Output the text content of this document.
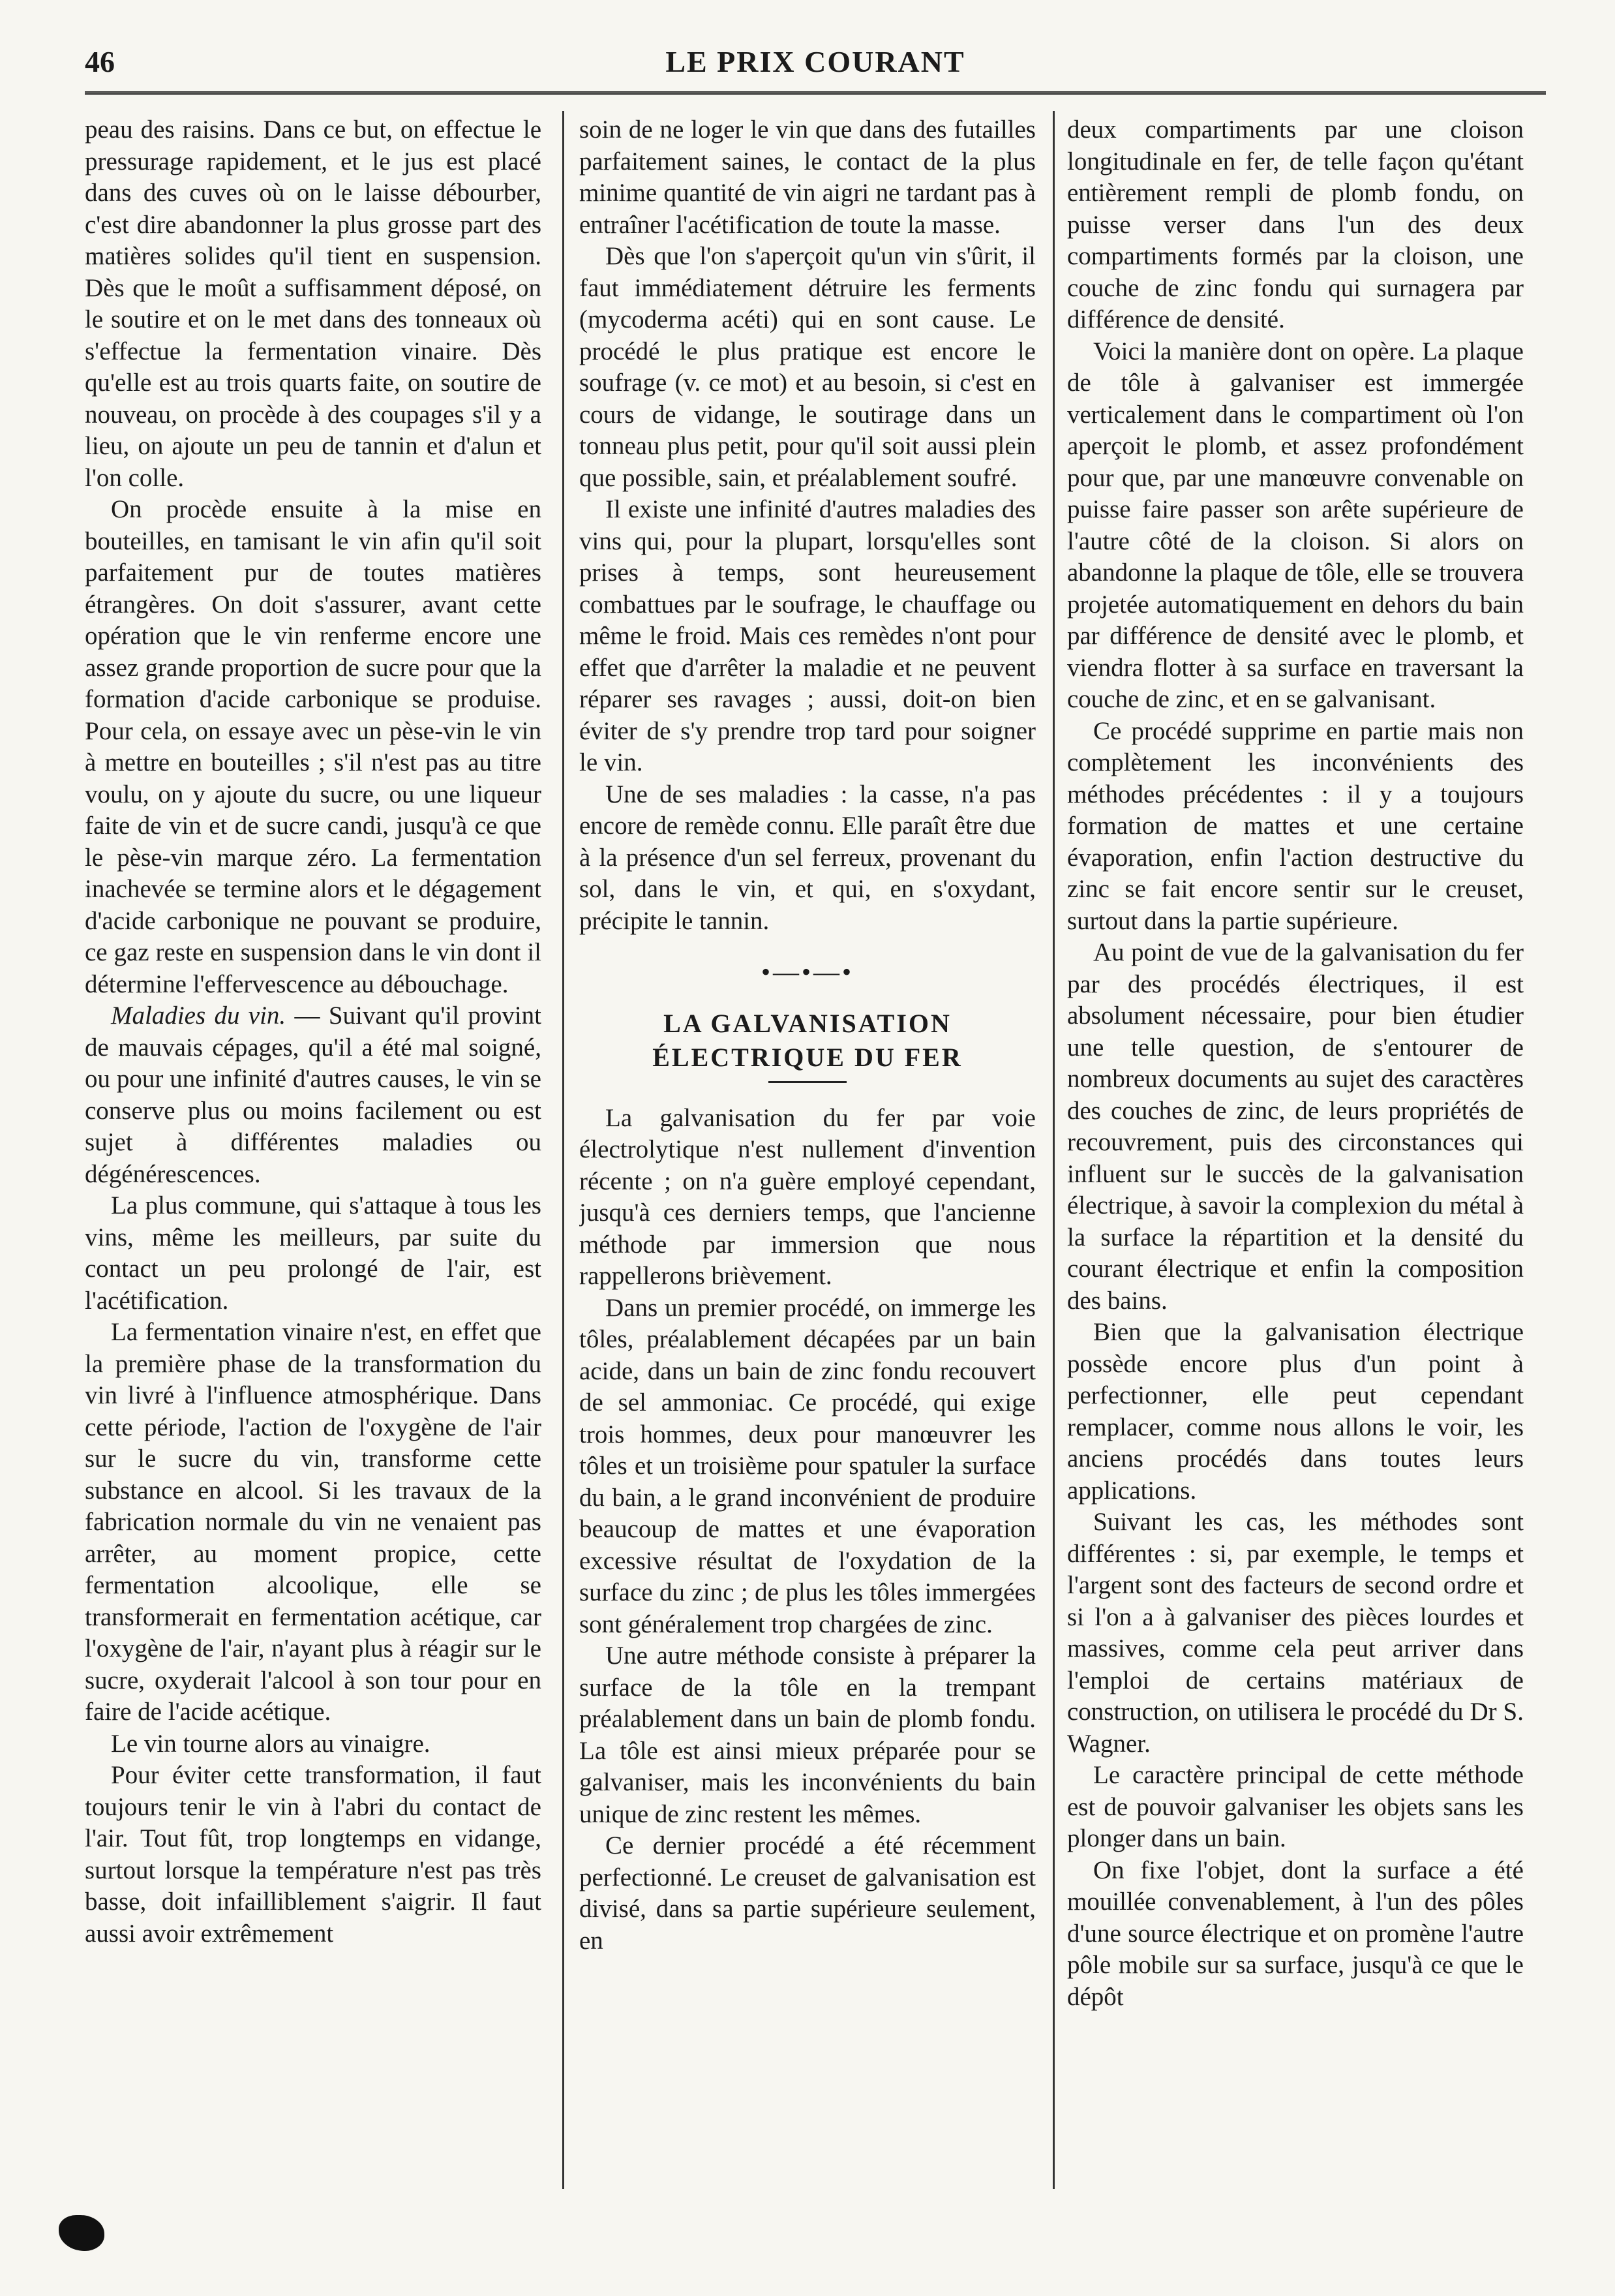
46	LE PRIX COURANT

peau des raisins. Dans ce but, on effectue le pressurage rapidement, et le jus est placé dans des cuves où on le laisse débourber, c'est dire abandonner la plus grosse part des matières solides qu'il tient en suspension. Dès que le moût a suffisamment déposé, on le soutire et on le met dans des tonneaux où s'effectue la fermentation vinaire. Dès qu'elle est au trois quarts faite, on soutire de nouveau, on procède à des coupages s'il y a lieu, on ajoute un peu de tannin et d'alun et l'on colle.

On procède ensuite à la mise en bouteilles, en tamisant le vin afin qu'il soit parfaitement pur de toutes matières étrangères. On doit s'assurer, avant cette opération que le vin renferme encore une assez grande proportion de sucre pour que la formation d'acide carbonique se produise. Pour cela, on essaye avec un pèse-vin le vin à mettre en bouteilles ; s'il n'est pas au titre voulu, on y ajoute du sucre, ou une liqueur faite de vin et de sucre candi, jusqu'à ce que le pèse-vin marque zéro. La fermentation inachevée se termine alors et le dégagement d'acide carbonique ne pouvant se produire, ce gaz reste en suspension dans le vin dont il détermine l'effervescence au débouchage.

Maladies du vin. — Suivant qu'il provint de mauvais cépages, qu'il a été mal soigné, ou pour une infinité d'autres causes, le vin se conserve plus ou moins facilement ou est sujet à différentes maladies ou dégénérescences.

La plus commune, qui s'attaque à tous les vins, même les meilleurs, par suite du contact un peu prolongé de l'air, est l'acétification.

La fermentation vinaire n'est, en effet que la première phase de la transformation du vin livré à l'influence atmosphérique. Dans cette période, l'action de l'oxygène de l'air sur le sucre du vin, transforme cette substance en alcool. Si les travaux de la fabrication normale du vin ne venaient pas arrêter, au moment propice, cette fermentation alcoolique, elle se transformerait en fermentation acétique, car l'oxygène de l'air, n'ayant plus à réagir sur le sucre, oxyderait l'alcool à son tour pour en faire de l'acide acétique.

Le vin tourne alors au vinaigre.

Pour éviter cette transformation, il faut toujours tenir le vin à l'abri du contact de l'air. Tout fût, trop longtemps en vidange, surtout lorsque la température n'est pas très basse, doit infailliblement s'aigrir. Il faut aussi avoir extrêmement

soin de ne loger le vin que dans des futailles parfaitement saines, le contact de la plus minime quantité de vin aigri ne tardant pas à entraîner l'acétification de toute la masse.

Dès que l'on s'aperçoit qu'un vin s'ûrit, il faut immédiatement détruire les ferments (mycoderma acéti) qui en sont cause. Le procédé le plus pratique est encore le soufrage (v. ce mot) et au besoin, si c'est en cours de vidange, le soutirage dans un tonneau plus petit, pour qu'il soit aussi plein que possible, sain, et préalablement soufré.

Il existe une infinité d'autres maladies des vins qui, pour la plupart, lorsqu'elles sont prises à temps, sont heureusement combattues par le soufrage, le chauffage ou même le froid. Mais ces remèdes n'ont pour effet que d'arrêter la maladie et ne peuvent réparer ses ravages ; aussi, doit-on bien éviter de s'y prendre trop tard pour soigner le vin.

Une de ses maladies : la casse, n'a pas encore de remède connu. Elle paraît être due à la présence d'un sel ferreux, provenant du sol, dans le vin, et qui, en s'oxydant, précipite le tannin.

•—•—•
LA GALVANISATION ÉLECTRIQUE DU FER

La galvanisation du fer par voie électrolytique n'est nullement d'invention récente ; on n'a guère employé cependant, jusqu'à ces derniers temps, que l'ancienne méthode par immersion que nous rappellerons brièvement.

Dans un premier procédé, on immerge les tôles, préalablement décapées par un bain acide, dans un bain de zinc fondu recouvert de sel ammoniac. Ce procédé, qui exige trois hommes, deux pour manœuvrer les tôles et un troisième pour spatuler la surface du bain, a le grand inconvénient de produire beaucoup de mattes et une évaporation excessive résultat de l'oxydation de la surface du zinc ; de plus les tôles immergées sont généralement trop chargées de zinc.

Une autre méthode consiste à préparer la surface de la tôle en la trempant préalablement dans un bain de plomb fondu. La tôle est ainsi mieux préparée pour se galvaniser, mais les inconvénients du bain unique de zinc restent les mêmes.

Ce dernier procédé a été récemment perfectionné. Le creuset de galvanisation est divisé, dans sa partie supérieure seulement, en

deux compartiments par une cloison longitudinale en fer, de telle façon qu'étant entièrement rempli de plomb fondu, on puisse verser dans l'un des deux compartiments formés par la cloison, une couche de zinc fondu qui surnagera par différence de densité.

Voici la manière dont on opère. La plaque de tôle à galvaniser est immergée verticalement dans le compartiment où l'on aperçoit le plomb, et assez profondément pour que, par une manœuvre convenable on puisse faire passer son arête supérieure de l'autre côté de la cloison. Si alors on abandonne la plaque de tôle, elle se trouvera projetée automatiquement en dehors du bain par différence de densité avec le plomb, et viendra flotter à sa surface en traversant la couche de zinc, et en se galvanisant.

Ce procédé supprime en partie mais non complètement les inconvénients des méthodes précédentes : il y a toujours formation de mattes et une certaine évaporation, enfin l'action destructive du zinc se fait encore sentir sur le creuset, surtout dans la partie supérieure.

Au point de vue de la galvanisation du fer par des procédés électriques, il est absolument nécessaire, pour bien étudier une telle question, de s'entourer de nombreux documents au sujet des caractères des couches de zinc, de leurs propriétés de recouvrement, puis des circonstances qui influent sur le succès de la galvanisation électrique, à savoir la complexion du métal à la surface la répartition et la densité du courant électrique et enfin la composition des bains.

Bien que la galvanisation électrique possède encore plus d'un point à perfectionner, elle peut cependant remplacer, comme nous allons le voir, les anciens procédés dans toutes leurs applications.

Suivant les cas, les méthodes sont différentes : si, par exemple, le temps et l'argent sont des facteurs de second ordre et si l'on a à galvaniser des pièces lourdes et massives, comme cela peut arriver dans l'emploi de certains matériaux de construction, on utilisera le procédé du Dr S. Wagner.

Le caractère principal de cette méthode est de pouvoir galvaniser les objets sans les plonger dans un bain.

On fixe l'objet, dont la surface a été mouillée convenablement, à l'un des pôles d'une source électrique et on promène l'autre pôle mobile sur sa surface, jusqu'à ce que le dépôt
